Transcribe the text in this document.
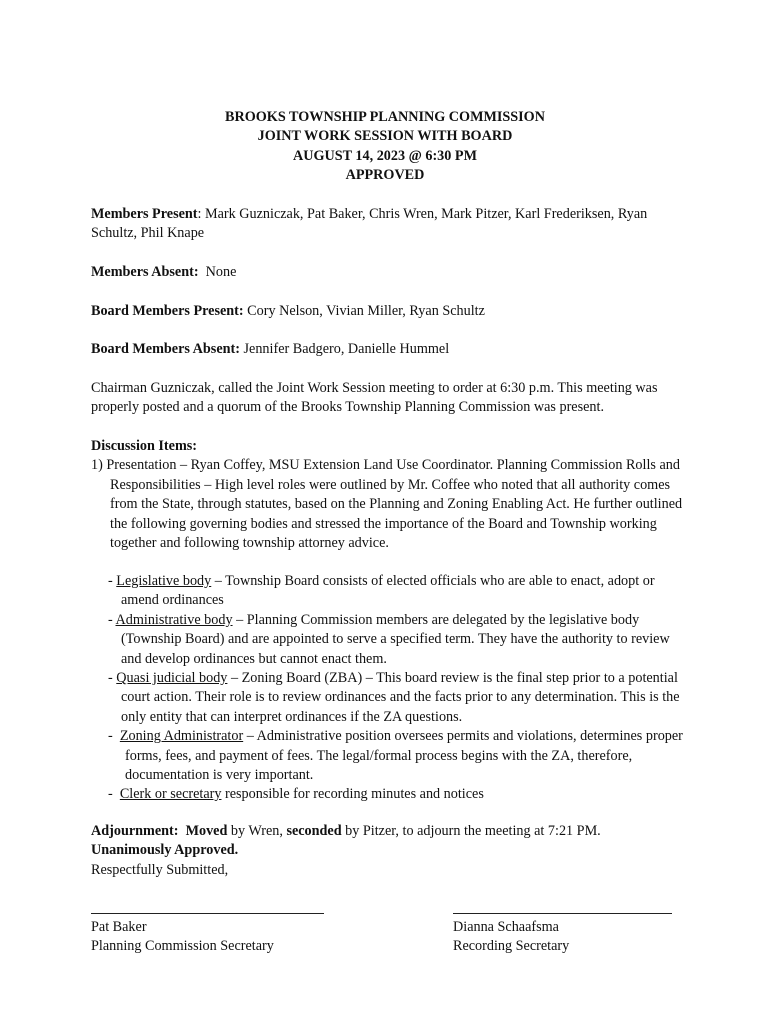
BROOKS TOWNSHIP PLANNING COMMISSION
JOINT WORK SESSION WITH BOARD
AUGUST 14, 2023 @ 6:30 PM
APPROVED
Members Present: Mark Guzniczak, Pat Baker, Chris Wren, Mark Pitzer, Karl Frederiksen, Ryan Schultz, Phil Knape
Members Absent:  None
Board Members Present: Cory Nelson, Vivian Miller, Ryan Schultz
Board Members Absent: Jennifer Badgero, Danielle Hummel
Chairman Guzniczak, called the Joint Work Session meeting to order at 6:30 p.m. This meeting was properly posted and a quorum of the Brooks Township Planning Commission was present.
Discussion Items:
1) Presentation – Ryan Coffey, MSU Extension Land Use Coordinator. Planning Commission Rolls and Responsibilities – High level roles were outlined by Mr. Coffee who noted that all authority comes from the State, through statutes, based on the Planning and Zoning Enabling Act. He further outlined the following governing bodies and stressed the importance of the Board and Township working together and following township attorney advice.
- Legislative body – Township Board consists of elected officials who are able to enact, adopt or amend ordinances
- Administrative body – Planning Commission members are delegated by the legislative body (Township Board) and are appointed to serve a specified term. They have the authority to review and develop ordinances but cannot enact them.
- Quasi judicial body – Zoning Board (ZBA) – This board review is the final step prior to a potential court action. Their role is to review ordinances and the facts prior to any determination. This is the only entity that can interpret ordinances if the ZA questions.
-  Zoning Administrator – Administrative position oversees permits and violations, determines proper forms, fees, and payment of fees. The legal/formal process begins with the ZA, therefore, documentation is very important.
-  Clerk or secretary responsible for recording minutes and notices
Adjournment: Moved by Wren, seconded by Pitzer, to adjourn the meeting at 7:21 PM.
Unanimously Approved.
Respectfully Submitted,
Pat Baker
Planning Commission Secretary
Dianna Schaafsma
Recording Secretary
